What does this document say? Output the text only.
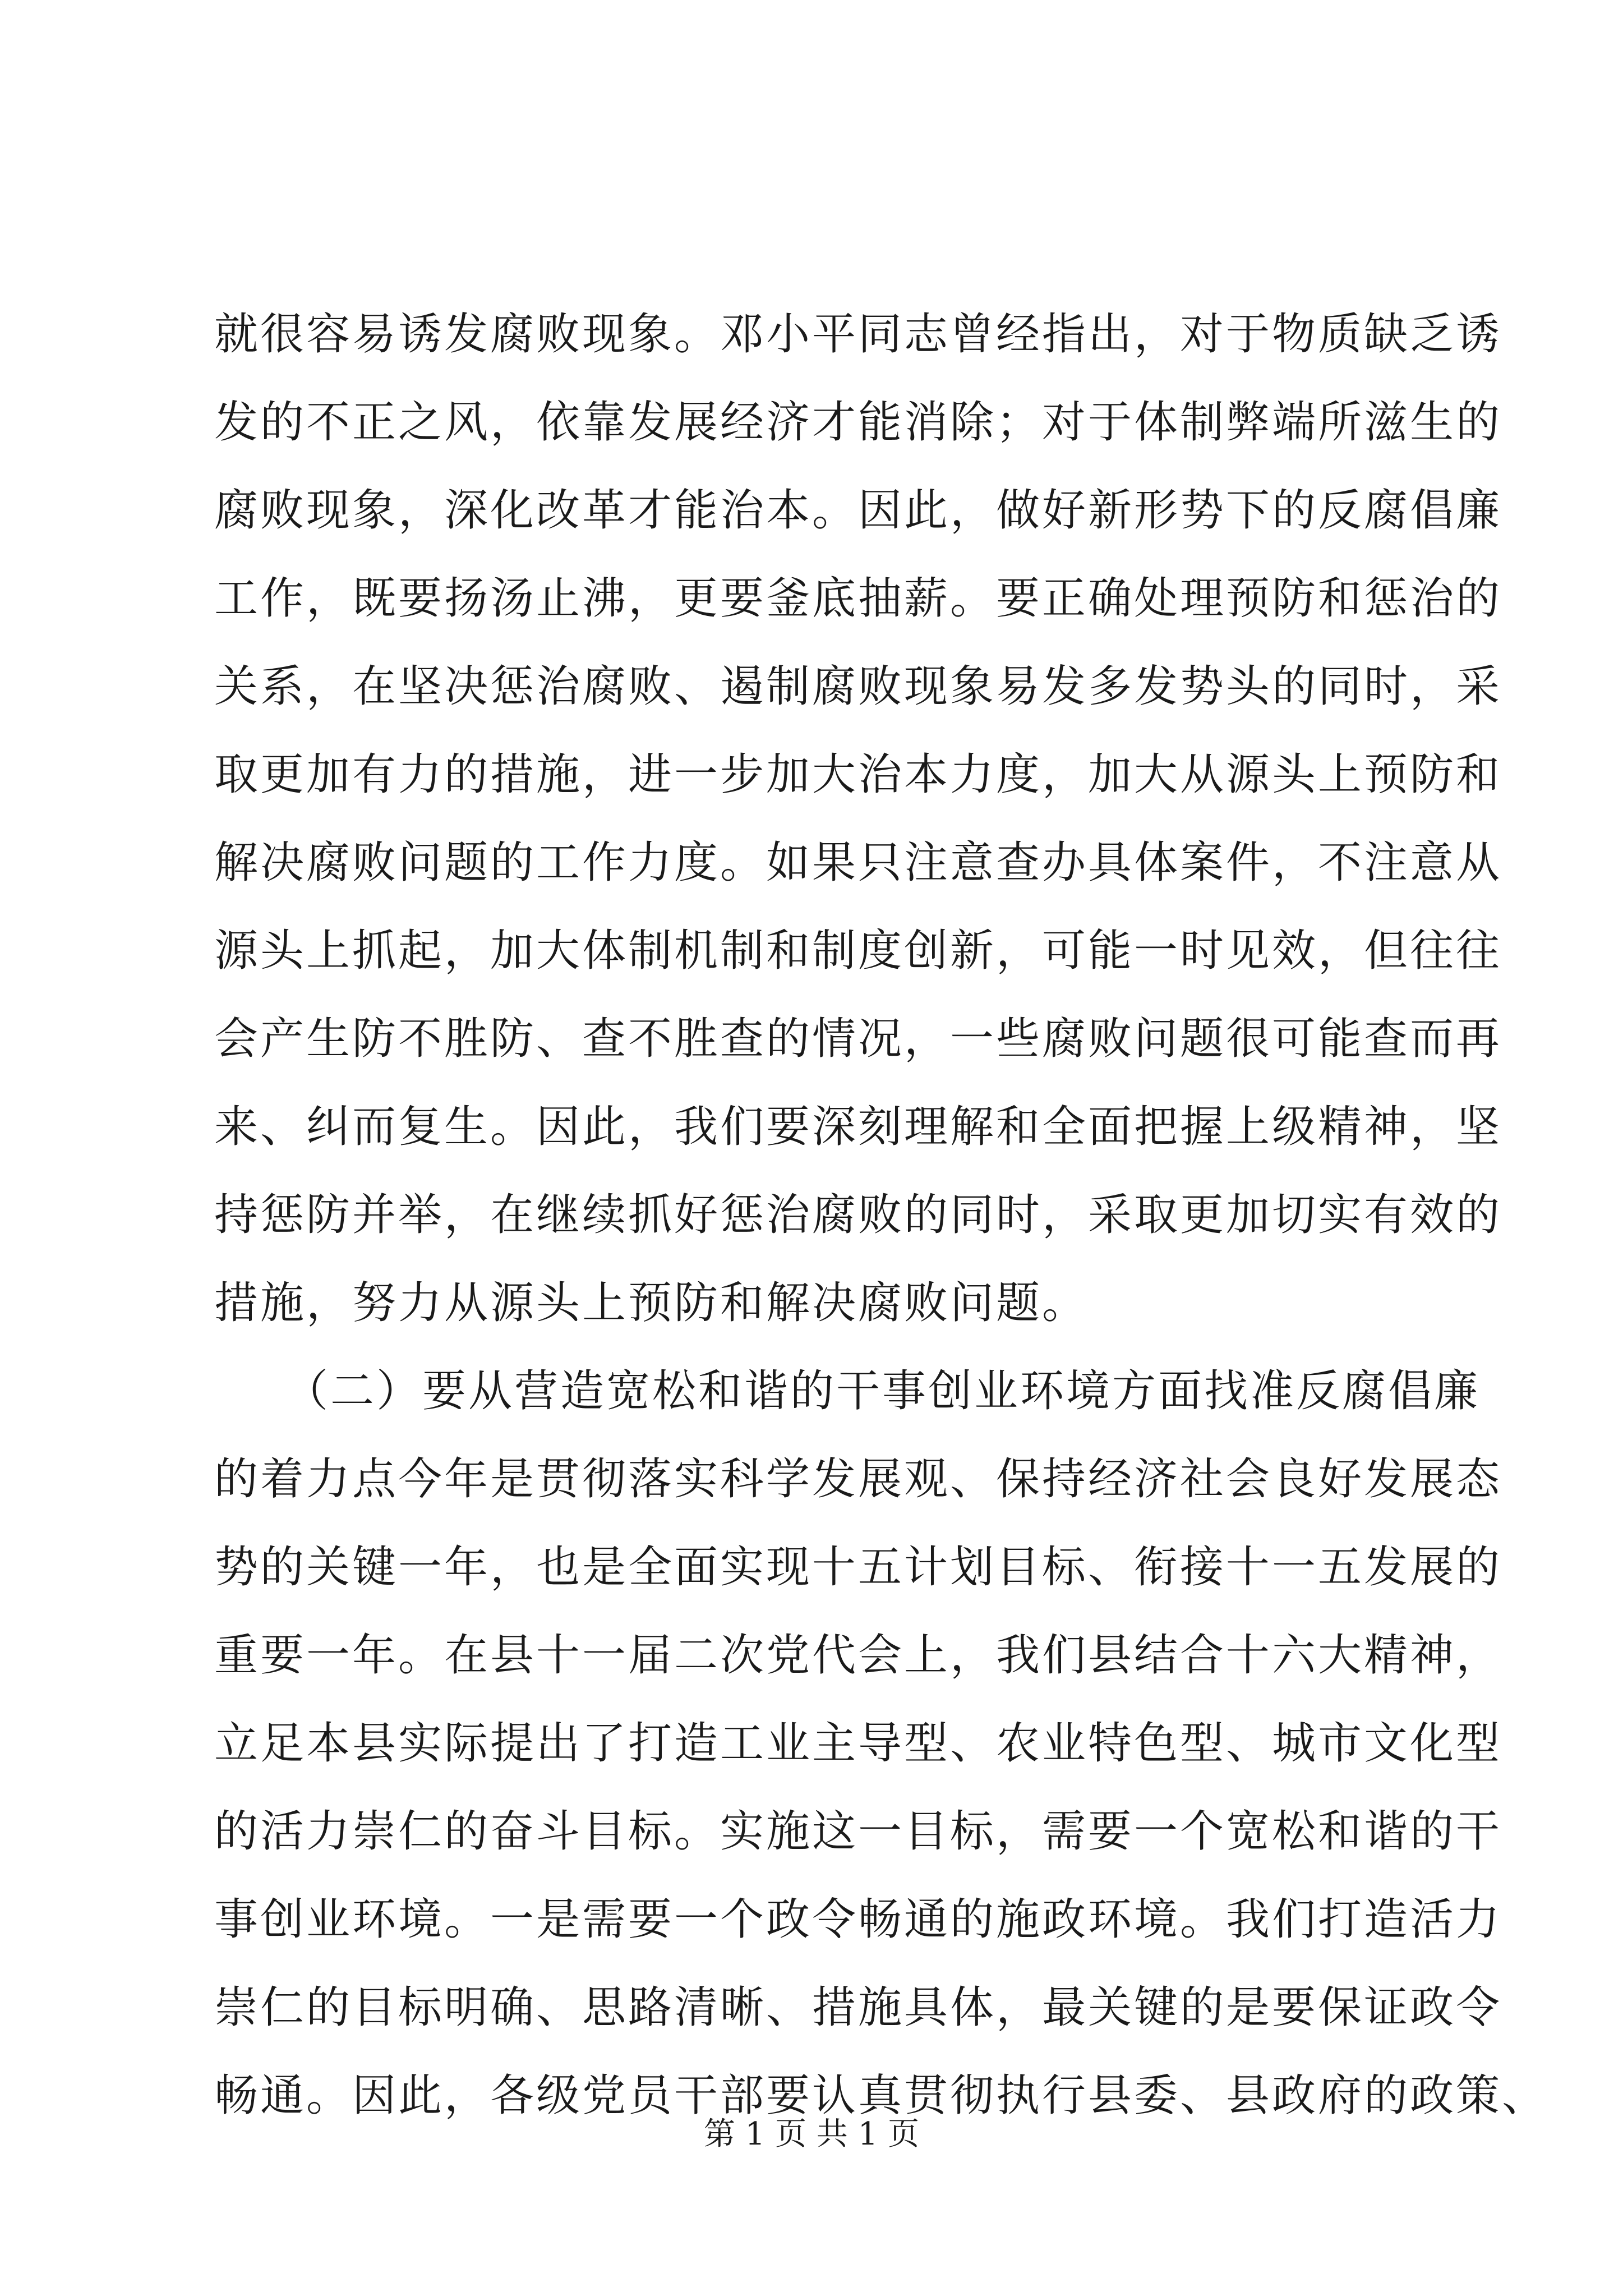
就很容易诱发腐败现象。邓小平同志曾经指出，对于物质缺乏诱
发的不正之风，依靠发展经济才能消除；对于体制弊端所滋生的
腐败现象，深化改革才能治本。因此，做好新形势下的反腐倡廉
工作，既要扬汤止沸，更要釜底抽薪。要正确处理预防和惩治的
关系，在坚决惩治腐败、遏制腐败现象易发多发势头的同时，采
取更加有力的措施，进一步加大治本力度，加大从源头上预防和
解决腐败问题的工作力度。如果只注意查办具体案件，不注意从
源头上抓起，加大体制机制和制度创新，可能一时见效，但往往
会产生防不胜防、查不胜查的情况，一些腐败问题很可能查而再
来、纠而复生。因此，我们要深刻理解和全面把握上级精神，坚
持惩防并举，在继续抓好惩治腐败的同时，采取更加切实有效的
措施，努力从源头上预防和解决腐败问题。
　　（二）要从营造宽松和谐的干事创业环境方面找准反腐倡廉
的着力点今年是贯彻落实科学发展观、保持经济社会良好发展态
势的关键一年，也是全面实现十五计划目标、衔接十一五发展的
重要一年。在县十一届二次党代会上，我们县结合十六大精神，
立足本县实际提出了打造工业主导型、农业特色型、城市文化型
的活力崇仁的奋斗目标。实施这一目标，需要一个宽松和谐的干
事创业环境。一是需要一个政令畅通的施政环境。我们打造活力
崇仁的目标明确、思路清晰、措施具体，最关键的是要保证政令
畅通。因此，各级党员干部要认真贯彻执行县委、县政府的政策、
第 1 页 共 1 页
